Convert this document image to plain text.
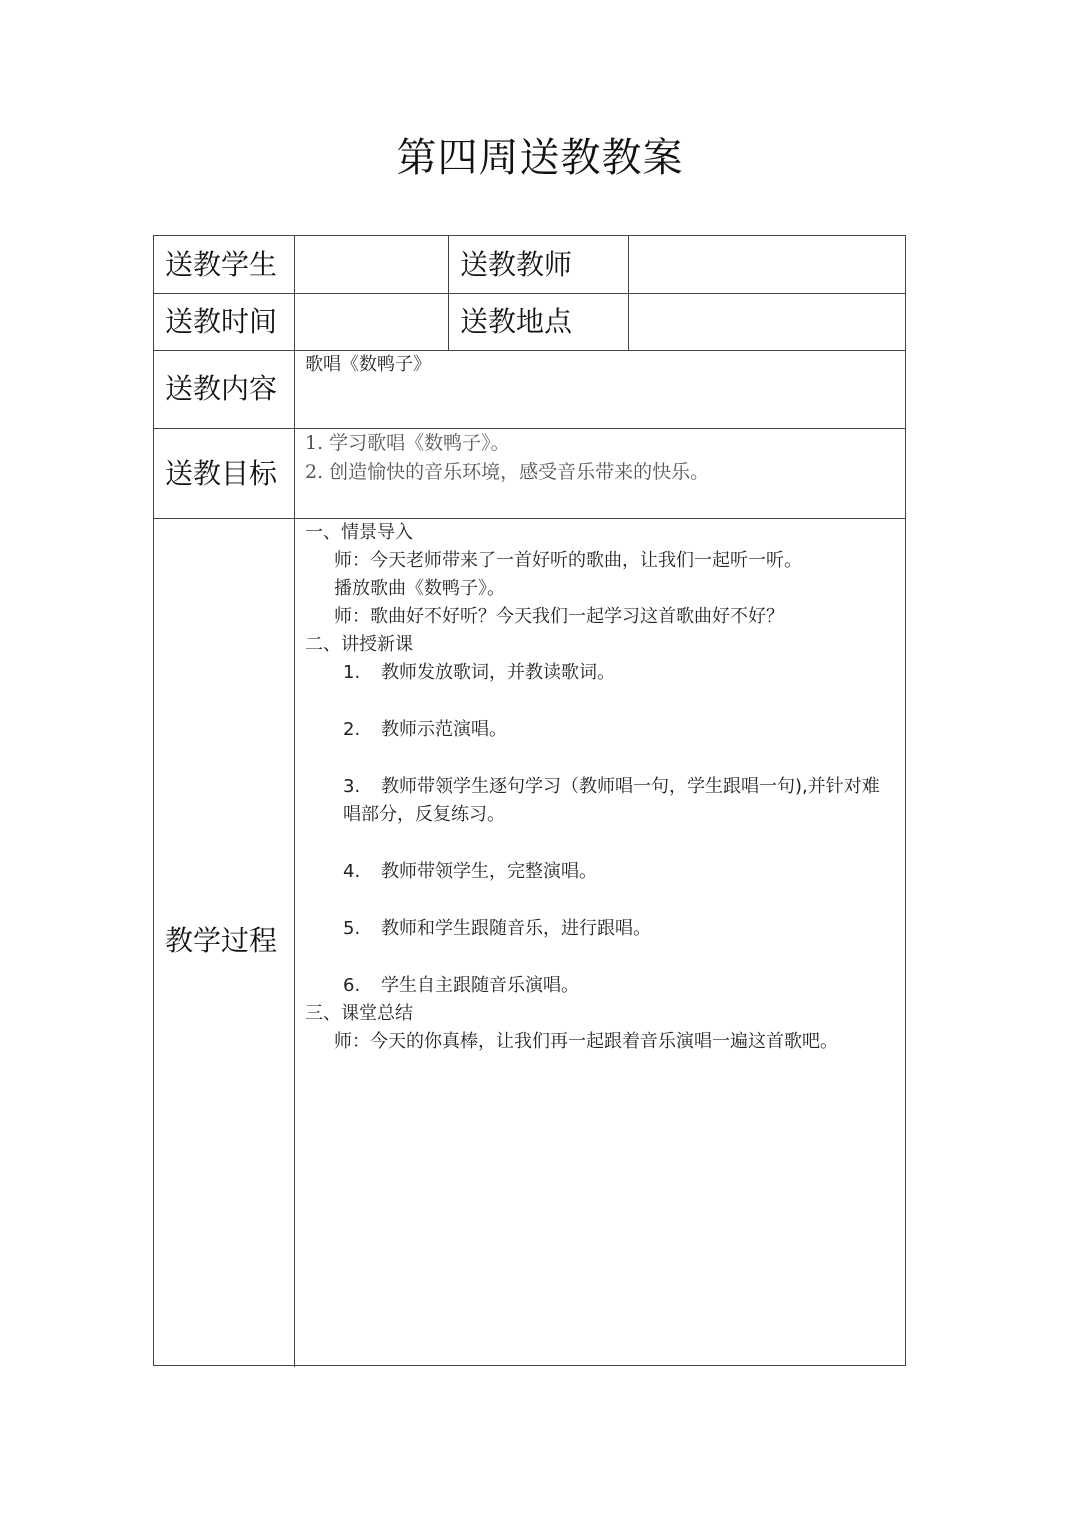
第四周送教教案
送教学生	送教教师
送教时间	送教地点
送教内容
歌唱《数鸭子》
送教目标
1. 学习歌唱《数鸭子》。
2. 创造愉快的音乐环境，感受音乐带来的快乐。
教学过程
一、情景导入
师：今天老师带来了一首好听的歌曲，让我们一起听一听。
播放歌曲《数鸭子》。
师：歌曲好不好听？今天我们一起学习这首歌曲好不好？
二、讲授新课
1. 教师发放歌词，并教读歌词。
2. 教师示范演唱。
3. 教师带领学生逐句学习（教师唱一句，学生跟唱一句),并针对难
唱部分，反复练习。
4. 教师带领学生，完整演唱。
5. 教师和学生跟随音乐，进行跟唱。
6. 学生自主跟随音乐演唱。
三、课堂总结
师：今天的你真棒，让我们再一起跟着音乐演唱一遍这首歌吧。
